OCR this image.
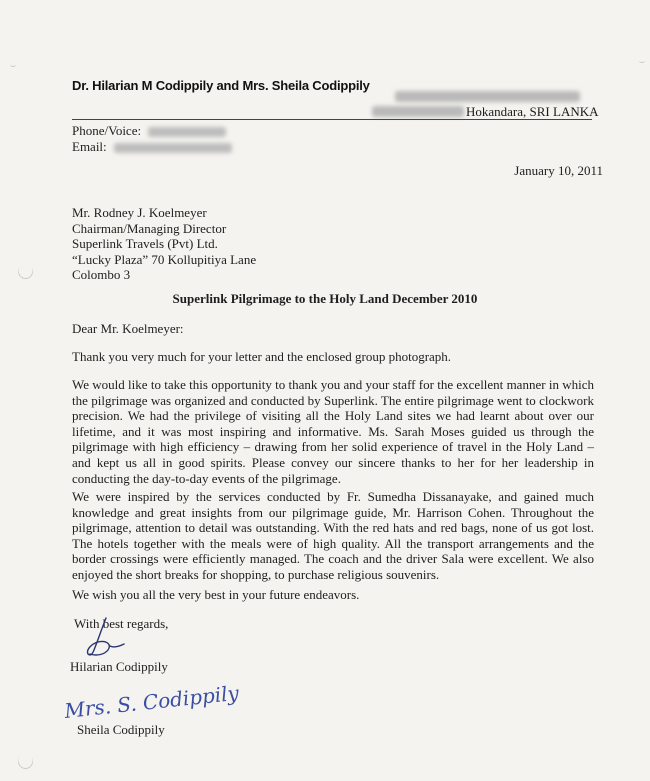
Dr. Hilarian M Codippily and Mrs. Sheila Codippily
Hokandara, SRI LANKA
Phone/Voice:
Email:
January 10, 2011
Mr. Rodney J. Koelmeyer
Chairman/Managing Director
Superlink Travels (Pvt) Ltd.
“Lucky Plaza” 70 Kollupitiya Lane
Colombo 3
Superlink Pilgrimage to the Holy Land December 2010
Dear Mr. Koelmeyer:

Thank you very much for your letter and the enclosed group photograph.

We would like to take this opportunity to thank you and your staff for the excellent manner in which the pilgrimage was organized and conducted by Superlink. The entire pilgrimage went to clockwork precision. We had the privilege of visiting all the Holy Land sites we had learnt about over our lifetime, and it was most inspiring and informative. Ms. Sarah Moses guided us through the pilgrimage with high efficiency – drawing from her solid experience of travel in the Holy Land – and kept us all in good spirits. Please convey our sincere thanks to her for her leadership in conducting the day-to-day events of the pilgrimage.

We were inspired by the services conducted by Fr. Sumedha Dissanayake, and gained much knowledge and great insights from our pilgrimage guide, Mr. Harrison Cohen. Throughout the pilgrimage, attention to detail was outstanding. With the red hats and red bags, none of us got lost. The hotels together with the meals were of high quality. All the transport arrangements and the border crossings were efficiently managed. The coach and the driver Sala were excellent. We also enjoyed the short breaks for shopping, to purchase religious souvenirs.

We wish you all the very best in your future endeavors.

With best regards,
Hilarian Codippily
Mrs. S. Codippily
Sheila Codippily
